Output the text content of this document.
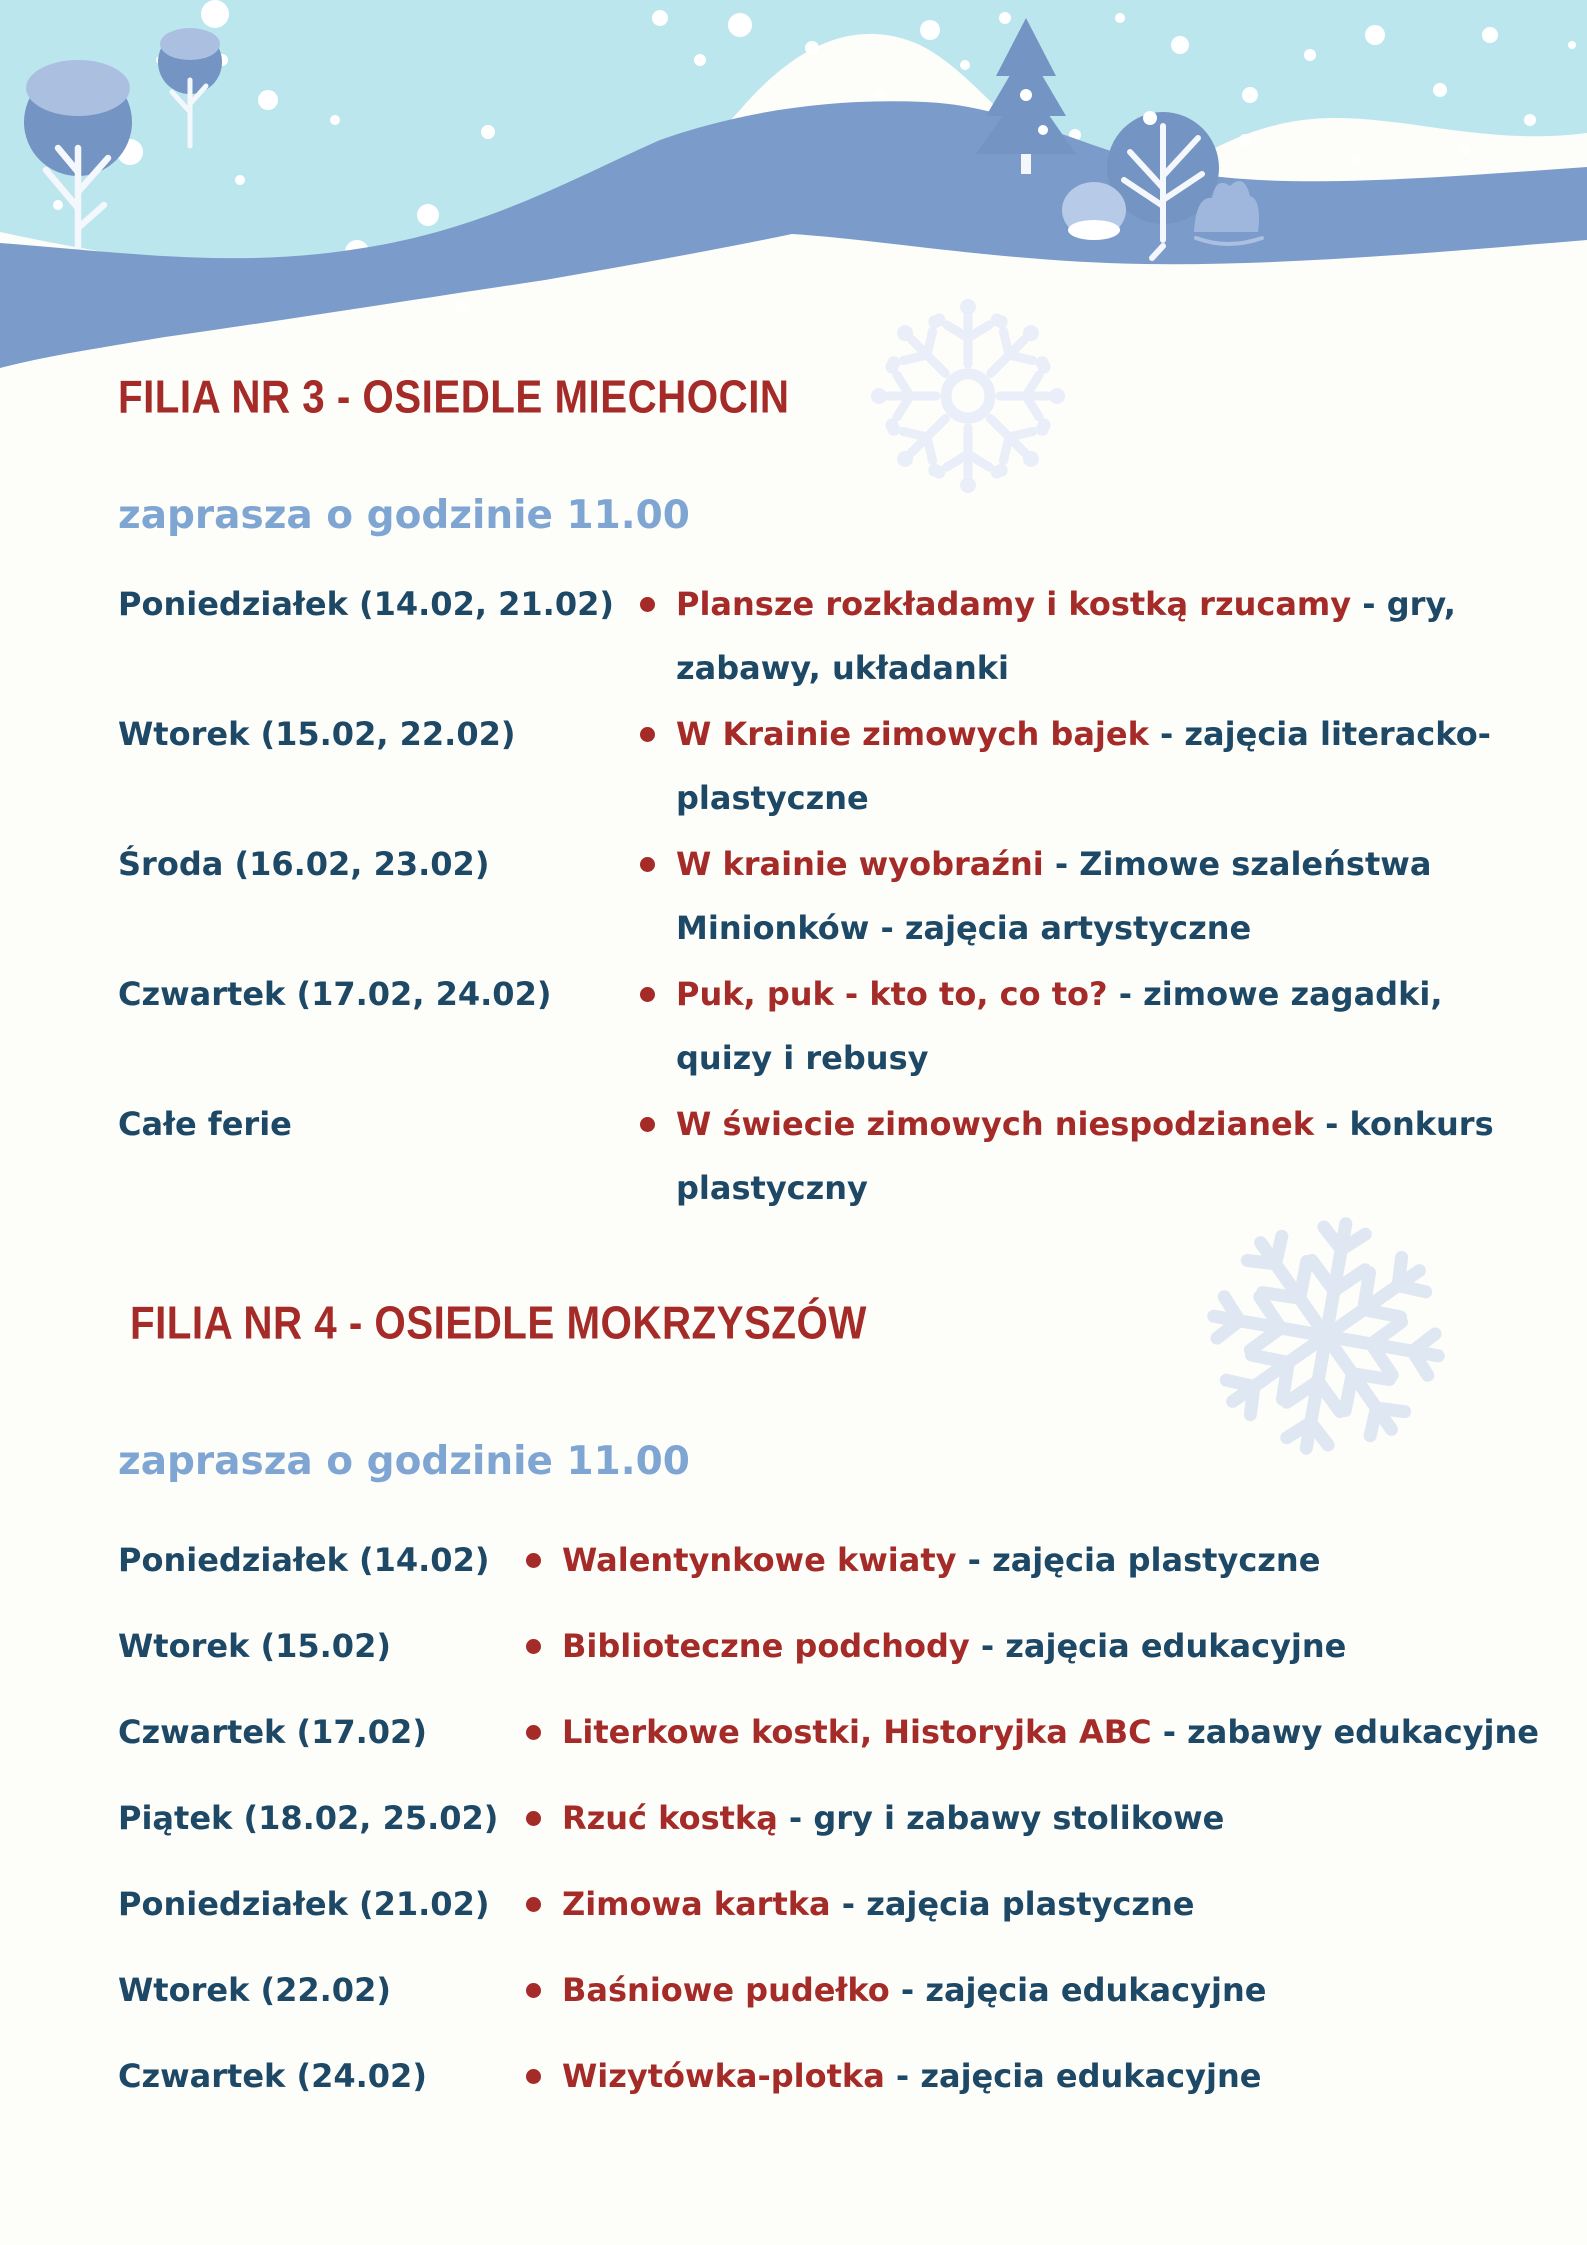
FILIA NR 3 - OSIEDLE MIECHOCIN

zaprasza o godzinie 11.00

Poniedziałek (14.02, 21.02)	Plansze rozkładamy i kostką rzucamy - gry, zabawy, układanki

Wtorek (15.02, 22.02)	W Krainie zimowych bajek - zajęcia literacko-plastyczne

Środa (16.02, 23.02)	W krainie wyobraźni - Zimowe szaleństwa Minionków - zajęcia artystyczne

Czwartek (17.02, 24.02)	Puk, puk - kto to, co to? - zimowe zagadki, quizy i rebusy

Całe ferie	W świecie zimowych niespodzianek - konkurs plastyczny

FILIA NR 4 - OSIEDLE MOKRZYSZÓW

zaprasza o godzinie 11.00

Poniedziałek (14.02)	Walentynkowe kwiaty - zajęcia plastyczne

Wtorek (15.02)	Biblioteczne podchody - zajęcia edukacyjne

Czwartek (17.02)	Literkowe kostki, Historyjka ABC - zabawy edukacyjne

Piątek (18.02, 25.02)	Rzuć kostką - gry i zabawy stolikowe

Poniedziałek (21.02)	Zimowa kartka - zajęcia plastyczne

Wtorek (22.02)	Baśniowe pudełko - zajęcia edukacyjne

Czwartek (24.02)	Wizytówka-plotka - zajęcia edukacyjne
